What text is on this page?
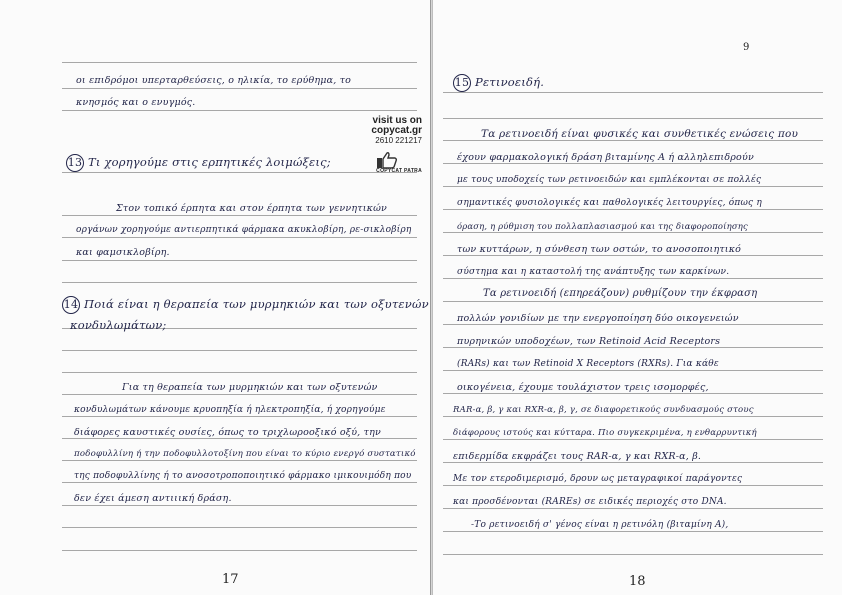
οι επιδρόμοι υπερταρθεύσεις, ο ηλικία, το ερύθημα, το
κνησμός και ο ενυγμός.
13 Τι χορηγούμε στις ερπητικές λοιμώξεις;
Στον τοπικό έρπητα και στον έρπητα των γεννητικών
οργάνων χορηγούμε αντιερπητικά φάρμακα ακυκλοβίρη, ρε-σικλοβίρη
και φαμσικλοβίρη.
14 Ποιά είναι η θεραπεία των μυρμηκιών και των οξυτενών
κονδυλωμάτων;
Για τη θεραπεία των μυρμηκιών και των οξυτενών
κονδυλωμάτων κάνουμε κρυοπηξία ή ηλεκτροπηξία, ή χορηγούμε
διάφορες καυστικές ουσίες, όπως το τριχλωροοξικό οξύ, την
ποδοφυλλίνη ή την ποδοφυλλοτοξίνη που είναι το κύριο ενεργό συστατικό
της ποδοφυλλίνης ή το ανοσοτροποποιητικό φάρμακο ιμικουιμόδη που
δεν έχει άμεση αντιιική δράση.
17
visit us on
copycat.gr
2610 221217
COPYCAT PATRA
9
15 Ρετινοειδή.
Τα ρετινοειδή είναι φυσικές και συνθετικές ενώσεις που
έχουν φαρμακολογική δράση βιταμίνης Α ή αλληλεπιδρούν
με τους υποδοχείς των ρετινοειδών και εμπλέκονται σε πολλές
σημαντικές φυσιολογικές και παθολογικές λειτουργίες, όπως η
όραση, η ρύθμιση του πολλαπλασιασμού και της διαφοροποίησης
των κυττάρων, η σύνθεση των οστών, το ανοσοποιητικό
σύστημα και η καταστολή της ανάπτυξης των καρκίνων.
Τα ρετινοειδή (επηρεάζουν) ρυθμίζουν την έκφραση
πολλών γονιδίων με την ενεργοποίηση δύο οικογενειών
πυρηνικών υποδοχέων, των Retinoid Acid Receptors
(RARs) και των Retinoid X Receptors (RXRs). Για κάθε
οικογένεια, έχουμε τουλάχιστον τρεις ισομορφές,
RAR-α, β, γ και RXR-α, β, γ, σε διαφορετικούς συνδυασμούς στους
διάφορους ιστούς και κύτταρα. Πιο συγκεκριμένα, η ενθαρρυντική
επιδερμίδα εκφράζει τους RAR-α, γ και RXR-α, β.
Με τον ετεροδιμερισμό, δρουν ως μεταγραφικοί παράγοντες
και προσδένονται (RAREs) σε ειδικές περιοχές στο DNA.
-Το ρετινοειδή σ' γένος είναι η ρετινόλη (βιταμίνη Α),
18
